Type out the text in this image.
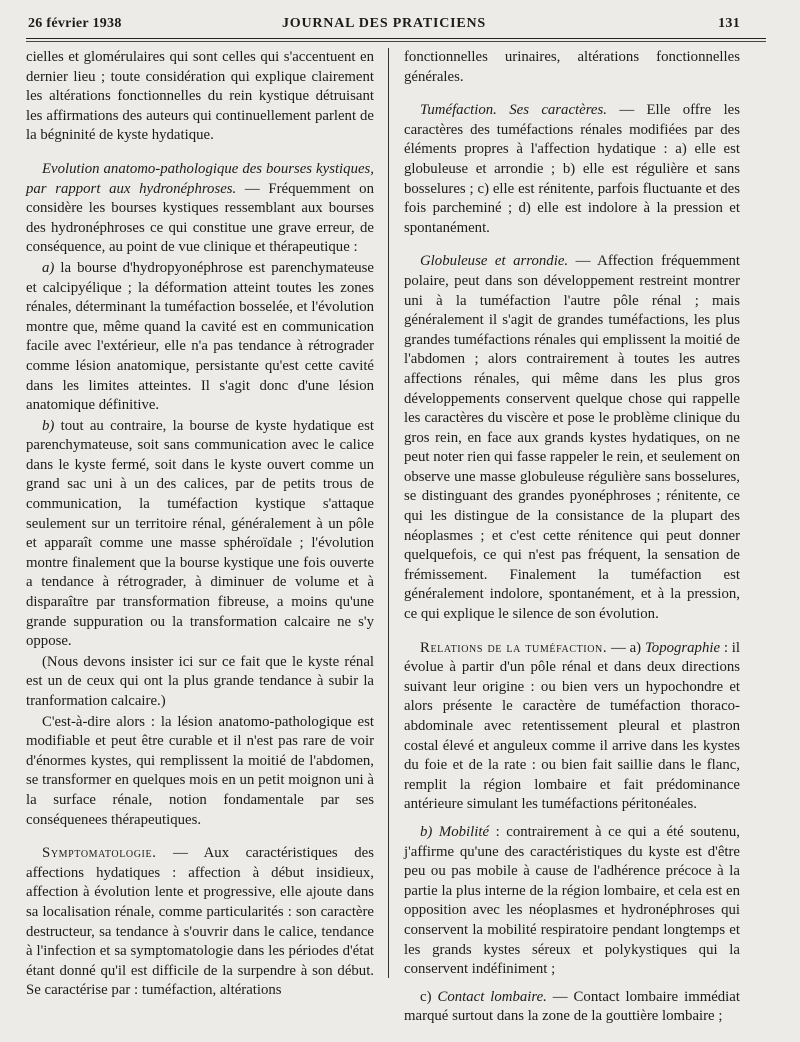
26 février 1938	JOURNAL DES PRATICIENS	131

cielles et glomérulaires qui sont celles qui s'accentuent en dernier lieu ; toute considération qui explique clairement les altérations fonctionnelles du rein kystique détruisant les affirmations des auteurs qui continuellement parlent de la bégninité de kyste hydatique.

Evolution anatomo-pathologique des bourses kystiques, par rapport aux hydronéphroses. — Fréquemment on considère les bourses kystiques ressemblant aux bourses des hydronéphroses ce qui constitue une grave erreur, de conséquence, au point de vue clinique et thérapeutique :

a) la bourse d'hydropyonéphrose est parenchymateuse et calcipyélique ; la déformation atteint toutes les zones rénales, déterminant la tuméfaction bosselée, et l'évolution montre que, même quand la cavité est en communication facile avec l'extérieur, elle n'a pas tendance à rétrograder comme lésion anatomique, persistante qu'est cette cavité dans les limites atteintes. Il s'agit donc d'une lésion anatomique définitive.

b) tout au contraire, la bourse de kyste hydatique est parenchymateuse, soit sans communication avec le calice dans le kyste fermé, soit dans le kyste ouvert comme un grand sac uni à un des calices, par de petits trous de communication, la tuméfaction kystique s'attaque seulement sur un territoire rénal, généralement à un pôle et apparaît comme une masse sphéroïdale ; l'évolution montre finalement que la bourse kystique une fois ouverte a tendance à rétrograder, à diminuer de volume et à disparaître par transformation fibreuse, a moins qu'une grande suppuration ou la transformation calcaire ne s'y oppose.

(Nous devons insister ici sur ce fait que le kyste rénal est un de ceux qui ont la plus grande tendance à subir la tranformation calcaire.)

C'est-à-dire alors : la lésion anatomo-pathologique est modifiable et peut être curable et il n'est pas rare de voir d'énormes kystes, qui remplissent la moitié de l'abdomen, se transformer en quelques mois en un petit moignon uni à la surface rénale, notion fondamentale par ses conséquenees thérapeutiques.

Symptomatologie. — Aux caractéristiques des affections hydatiques : affection à début insidieux, affection à évolution lente et progressive, elle ajoute dans sa localisation rénale, comme particularités : son caractère destructeur, sa tendance à s'ouvrir dans le calice, tendance à l'infection et sa symptomatologie dans les périodes d'état étant donné qu'il est difficile de la surpendre à son début. Se caractérise par : tuméfaction, altérations

fonctionnelles urinaires, altérations fonctionnelles générales.

Tuméfaction. Ses caractères. — Elle offre les caractères des tuméfactions rénales modifiées par des éléments propres à l'affection hydatique : a) elle est globuleuse et arrondie ; b) elle est régulière et sans bosselures ; c) elle est rénitente, parfois fluctuante et des fois parcheminé ; d) elle est indolore à la pression et spontanément.

Globuleuse et arrondie. — Affection fréquemment polaire, peut dans son développement restreint montrer uni à la tuméfaction l'autre pôle rénal ; mais généralement il s'agit de grandes tuméfactions, les plus grandes tuméfactions rénales qui emplissent la moitié de l'abdomen ; alors contrairement à toutes les autres affections rénales, qui même dans les plus gros développements conservent quelque chose qui rappelle les caractères du viscère et pose le problème clinique du gros rein, en face aux grands kystes hydatiques, on ne peut noter rien qui fasse rappeler le rein, et seulement on observe une masse globuleuse régulière sans bosselures, se distinguant des grandes pyonéphroses ; rénitente, ce qui les distingue de la consistance de la plupart des néoplasmes ; et c'est cette rénitence qui peut donner quelquefois, ce qui n'est pas fréquent, la sensation de frémissement. Finalement la tuméfaction est généralement indolore, spontanément, et à la pression, ce qui explique le silence de son évolution.

Relations de la tuméfaction. — a) Topographie : il évolue à partir d'un pôle rénal et dans deux directions suivant leur origine : ou bien vers un hypochondre et alors présente le caractère de tuméfaction thoraco-abdominale avec retentissement pleural et plastron costal élevé et anguleux comme il arrive dans les kystes du foie et de la rate : ou bien fait saillie dans le flanc, remplit la région lombaire et fait prédominance antérieure simulant les tuméfactions péritonéales.

b) Mobilité : contrairement à ce qui a été soutenu, j'affirme qu'une des caractéristiques du kyste est d'être peu ou pas mobile à cause de l'adhérence précoce à la partie la plus interne de la région lombaire, et cela est en opposition avec les néoplasmes et hydronéphroses qui conservent la mobilité respiratoire pendant longtemps et les grands kystes séreux et polykystiques qui la conservent indéfiniment ;

c) Contact lombaire. — Contact lombaire immédiat marqué surtout dans la zone de la gouttière lombaire ;
